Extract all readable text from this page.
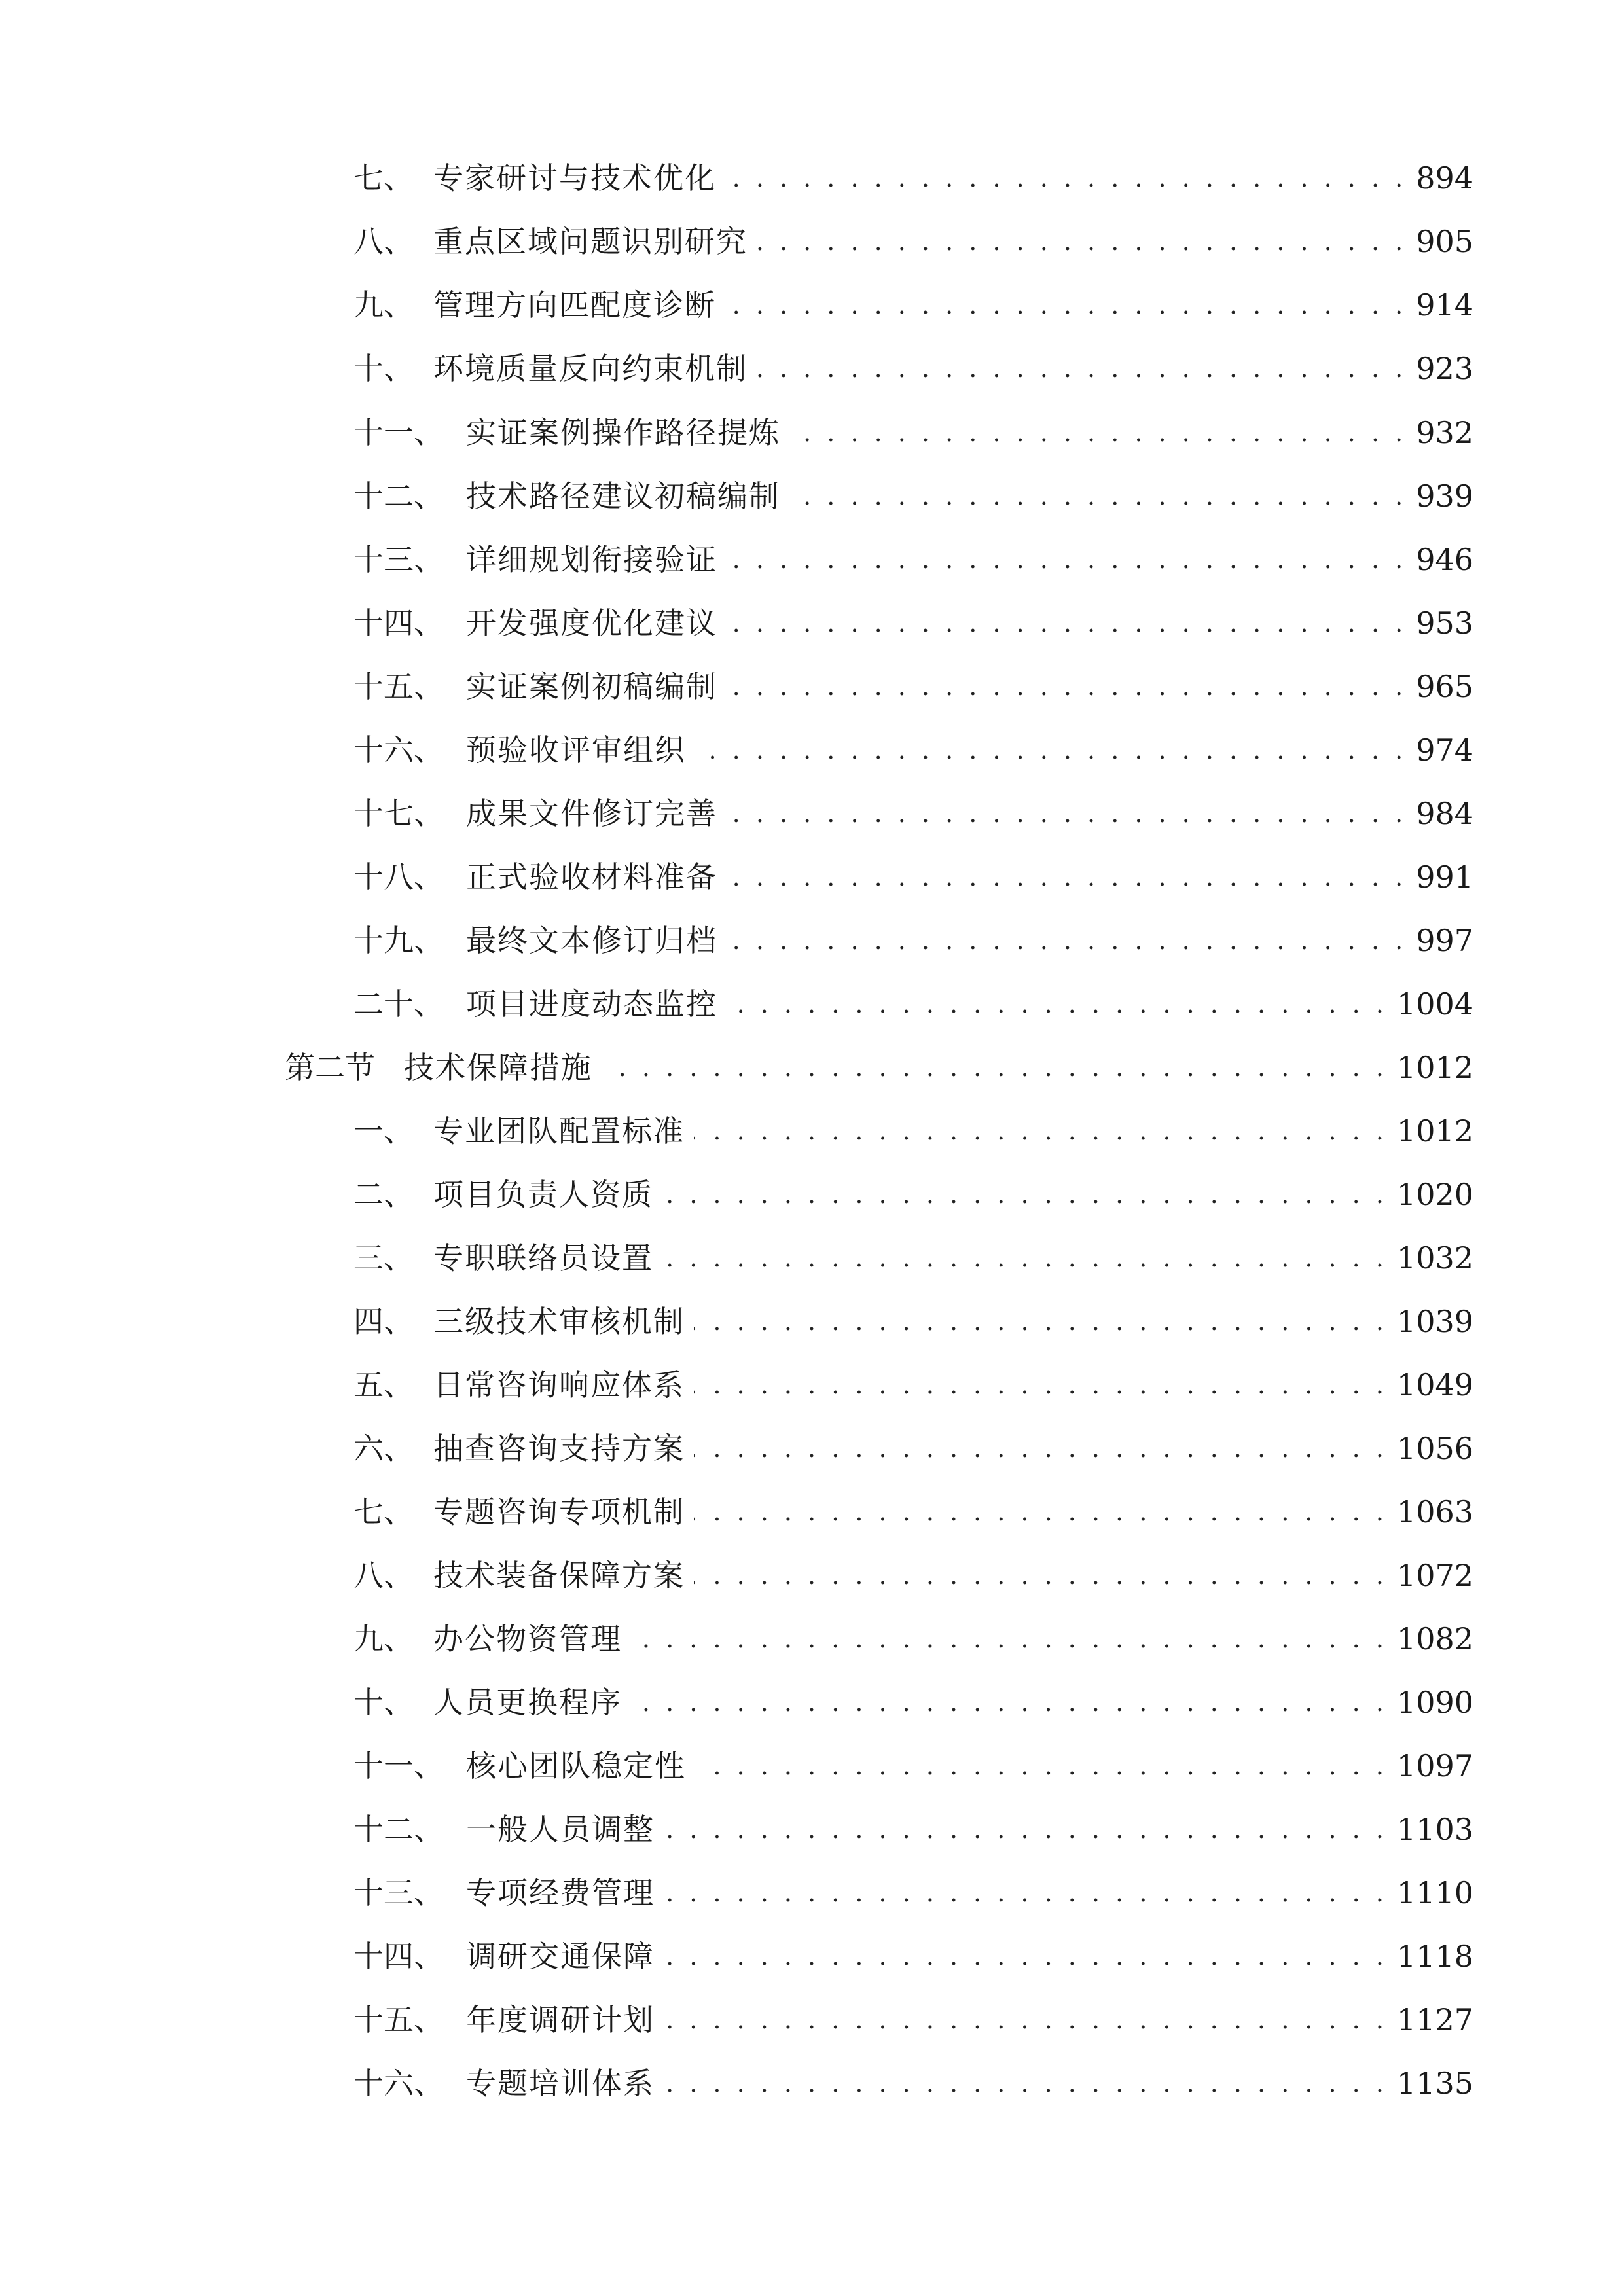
七、 专家研讨与技术优化 . . .	894
八、 重点区域问题识别研究 . . .	905
九、 管理方向匹配度诊断 . . .	914
十、 环境质量反向约束机制 . . .	923
十一、 实证案例操作路径提炼 . . .	932
十二、 技术路径建议初稿编制 . . .	939
十三、 详细规划衔接验证 . . .	946
十四、 开发强度优化建议 . . .	953
十五、 实证案例初稿编制 . . .	965
十六、 预验收评审组织 . . .	974
十七、 成果文件修订完善 . . .	984
十八、 正式验收材料准备 . . .	991
十九、 最终文本修订归档 . . .	997
二十、 项目进度动态监控 . . .	1004
第二节 技术保障措施 . . .	1012
一、 专业团队配置标准 . . .	1012
二、 项目负责人资质 . . .	1020
三、 专职联络员设置 . . .	1032
四、 三级技术审核机制 . . .	1039
五、 日常咨询响应体系 . . .	1049
六、 抽查咨询支持方案 . . .	1056
七、 专题咨询专项机制 . . .	1063
八、 技术装备保障方案 . . .	1072
九、 办公物资管理 . . .	1082
十、 人员更换程序 . . .	1090
十一、 核心团队稳定性 . . .	1097
十二、 一般人员调整 . . .	1103
十三、 专项经费管理 . . .	1110
十四、 调研交通保障 . . .	1118
十五、 年度调研计划 . . .	1127
十六、 专题培训体系 . . .	1135
